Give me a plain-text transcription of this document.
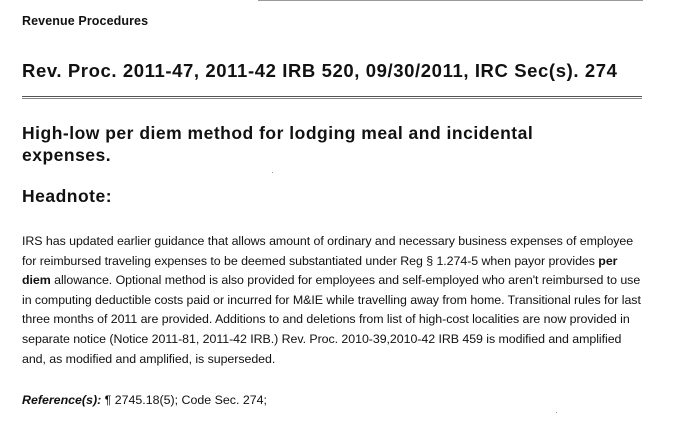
Revenue Procedures
Rev. Proc. 2011-47, 2011-42 IRB 520, 09/30/2011, IRC Sec(s). 274
High-low per diem method for lodging meal and incidental expenses.
Headnote:
IRS has updated earlier guidance that allows amount of ordinary and necessary business expenses of employee for reimbursed traveling expenses to be deemed substantiated under Reg § 1.274-5 when payor provides per diem allowance. Optional method is also provided for employees and self-employed who aren't reimbursed to use in computing deductible costs paid or incurred for M&IE while travelling away from home. Transitional rules for last three months of 2011 are provided. Additions to and deletions from list of high-cost localities are now provided in separate notice (Notice 2011-81, 2011-42 IRB.) Rev. Proc. 2010-39,2010-42 IRB 459 is modified and amplified and, as modified and amplified, is superseded.
Reference(s): ¶ 2745.18(5); Code Sec. 274;
